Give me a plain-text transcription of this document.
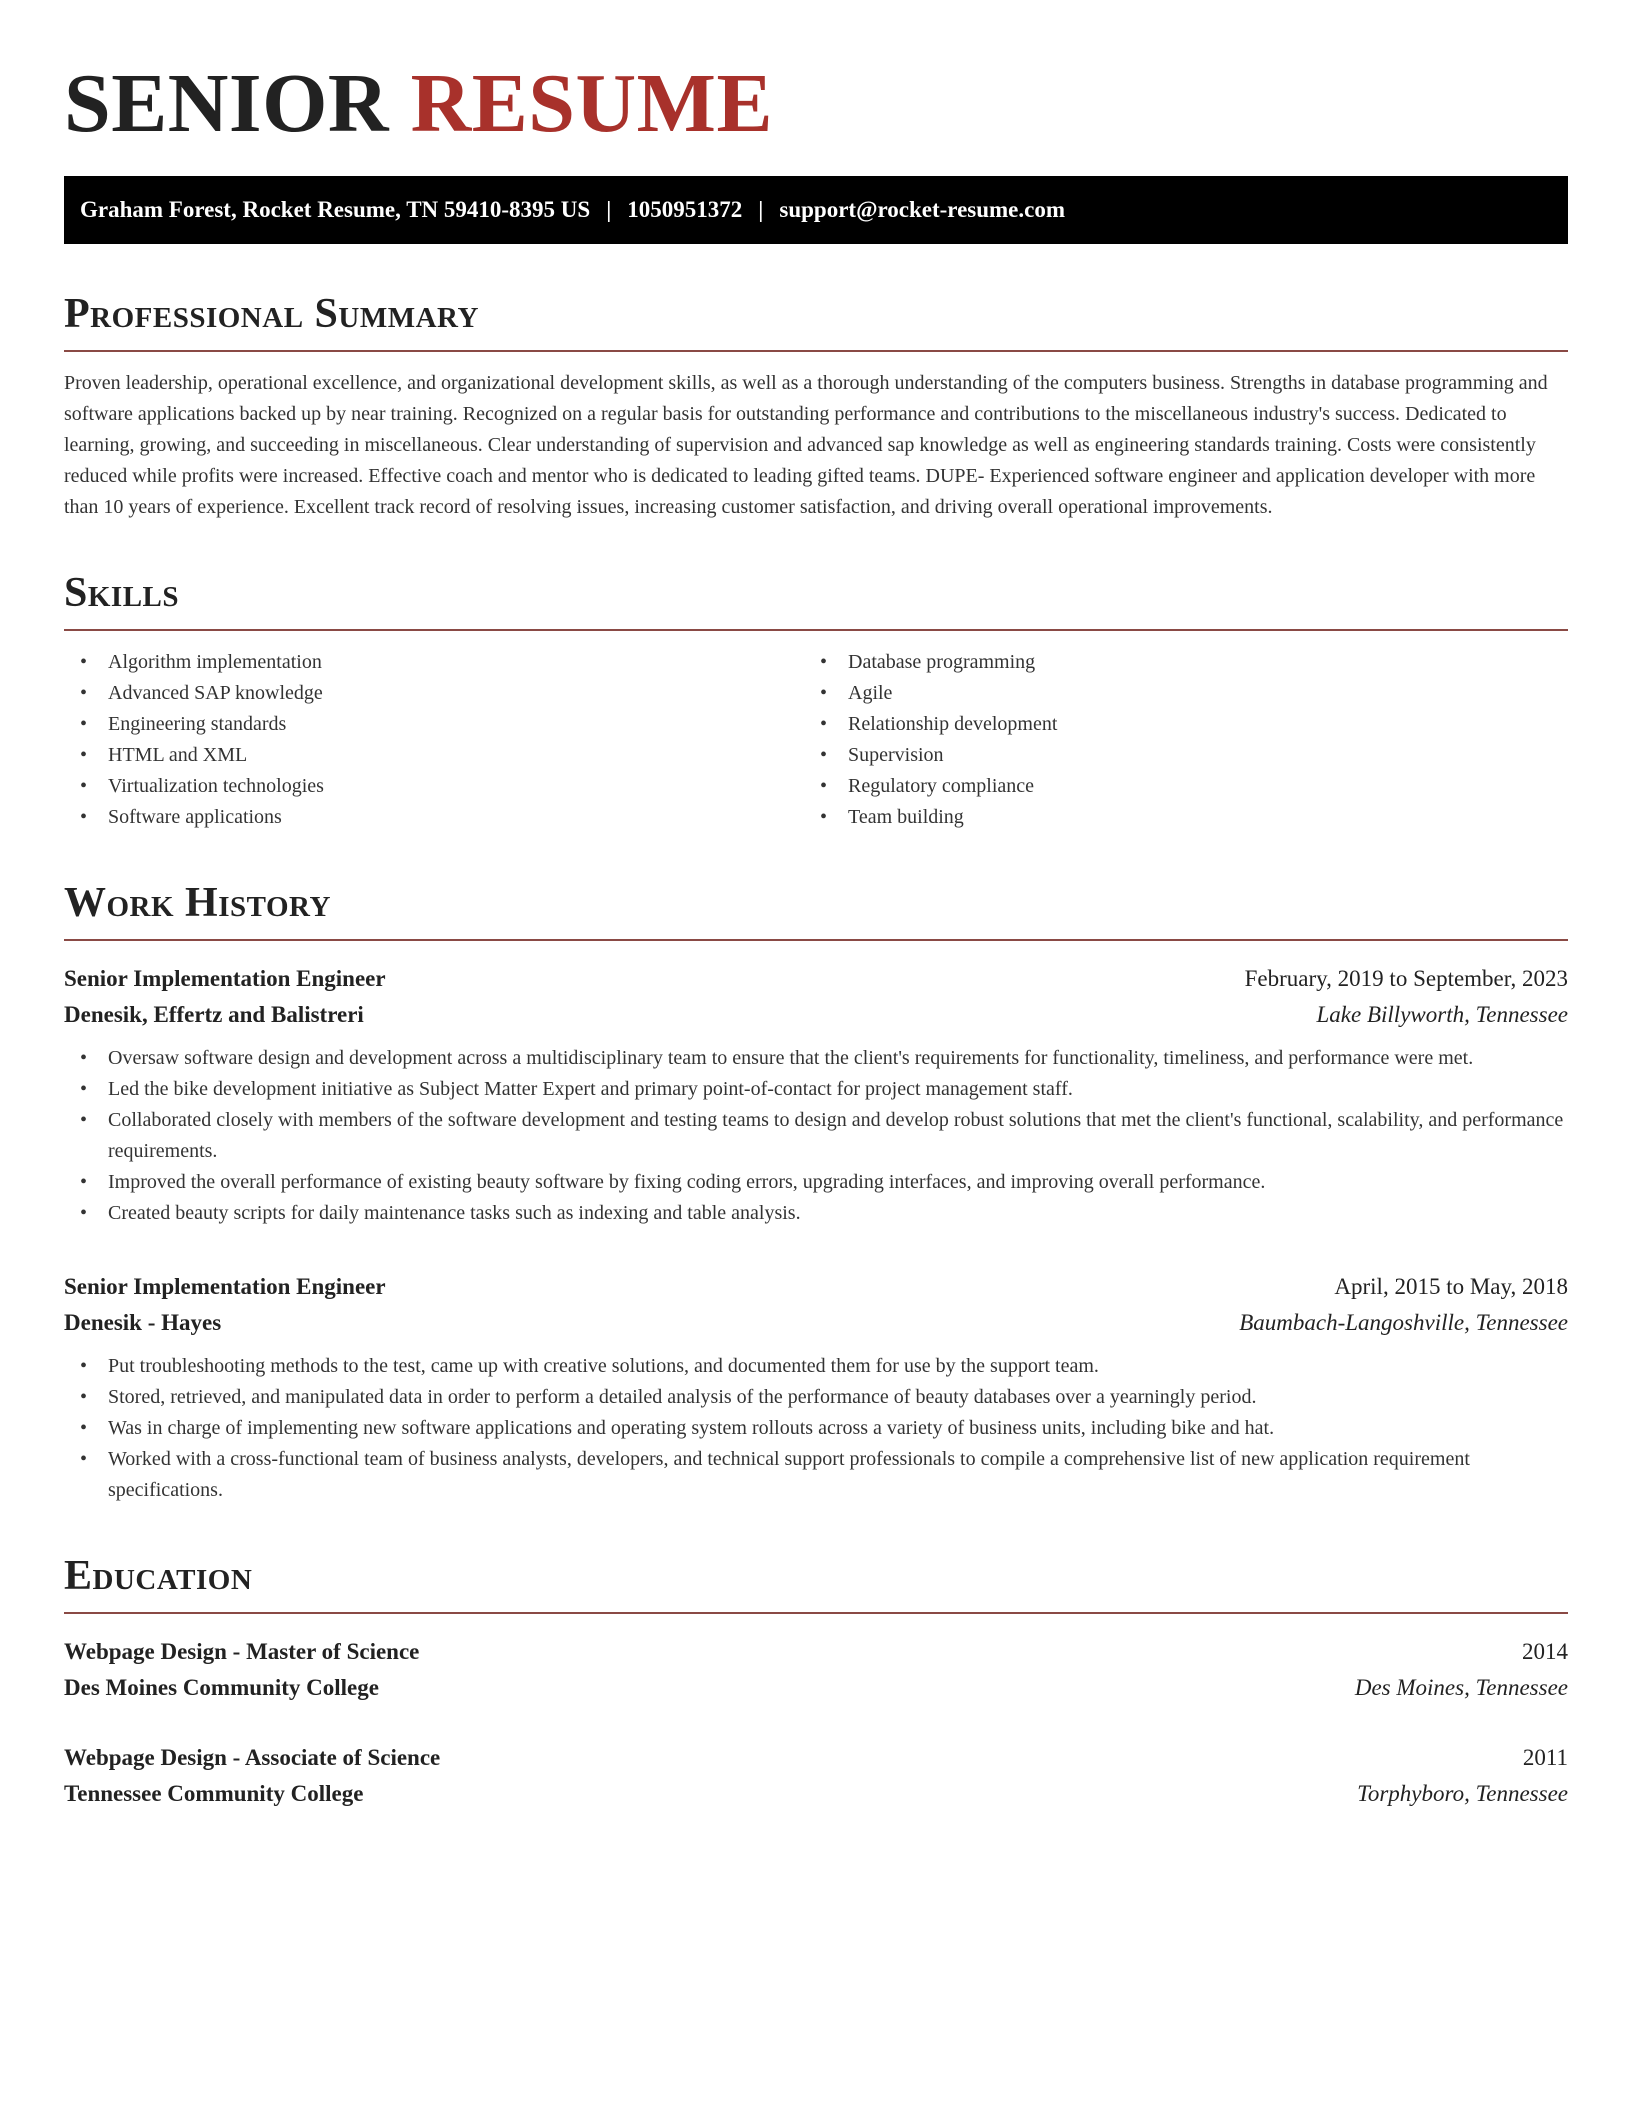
SENIOR RESUME
Graham Forest, Rocket Resume, TN 59410-8395 US | 1050951372 | support@rocket-resume.com
Professional Summary

Proven leadership, operational excellence, and organizational development skills, as well as a thorough understanding of the computers business. Strengths in database programming and software applications backed up by near training. Recognized on a regular basis for outstanding performance and contributions to the miscellaneous industry's success. Dedicated to learning, growing, and succeeding in miscellaneous. Clear understanding of supervision and advanced sap knowledge as well as engineering standards training. Costs were consistently reduced while profits were increased. Effective coach and mentor who is dedicated to leading gifted teams. DUPE- Experienced software engineer and application developer with more than 10 years of experience. Excellent track record of resolving issues, increasing customer satisfaction, and driving overall operational improvements.

Skills
• Algorithm implementation
• Advanced SAP knowledge
• Engineering standards
• HTML and XML
• Virtualization technologies
• Software applications
• Database programming
• Agile
• Relationship development
• Supervision
• Regulatory compliance
• Team building
Work History
Senior Implementation Engineer	February, 2019 to September, 2023
Denesik, Effertz and Balistreri	Lake Billyworth, Tennessee
• Oversaw software design and development across a multidisciplinary team to ensure that the client's requirements for functionality, timeliness, and performance were met.
• Led the bike development initiative as Subject Matter Expert and primary point-of-contact for project management staff.
• Collaborated closely with members of the software development and testing teams to design and develop robust solutions that met the client's functional, scalability, and performance requirements.
• Improved the overall performance of existing beauty software by fixing coding errors, upgrading interfaces, and improving overall performance.
• Created beauty scripts for daily maintenance tasks such as indexing and table analysis.
Senior Implementation Engineer	April, 2015 to May, 2018
Denesik - Hayes	Baumbach-Langoshville, Tennessee
• Put troubleshooting methods to the test, came up with creative solutions, and documented them for use by the support team.
• Stored, retrieved, and manipulated data in order to perform a detailed analysis of the performance of beauty databases over a yearningly period.
• Was in charge of implementing new software applications and operating system rollouts across a variety of business units, including bike and hat.
• Worked with a cross-functional team of business analysts, developers, and technical support professionals to compile a comprehensive list of new application requirement specifications.
Education
Webpage Design - Master of Science	2014
Des Moines Community College	Des Moines, Tennessee
Webpage Design - Associate of Science	2011
Tennessee Community College	Torphyboro, Tennessee
